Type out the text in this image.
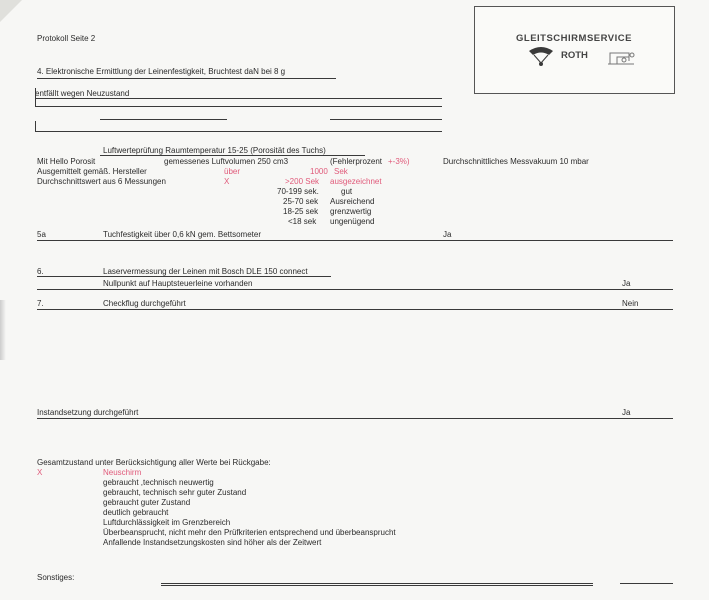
Protokoll Seite 2	GLEITSCHIRMSERVICE
ROTH
4. Elektronische Ermittlung der Leinenfestigkeit, Bruchtest daN bei 8 g
entfällt wegen Neuzustand
Luftwerteprüfung Raumtemperatur 15-25 (Porosität des Tuchs)
Mit Hello Porosit	gemessenes Luftvolumen 250 cm3	(Fehlerprozent +-3%)	Durchschnittliches Messvakuum 10 mbar
Ausgemittelt gemäß. Hersteller	über	1000 Sek
Durchschnittswert aus 6 Messungen	X	>200 Sek ausgezeichnet
70-199 sek.	gut
25-70 sek Ausreichend
18-25 sek grenzwertig
<18 sek ungenügend
5a	Tuchfestigkeit über 0,6 kN gem. Bettsometer	Ja
6.	Laservermessung der Leinen mit Bosch DLE 150 connect
Nullpunkt auf Hauptsteuerleine vorhanden	Ja
7.	Checkflug durchgeführt	Nein
Instandsetzung durchgeführt	Ja
Gesamtzustand unter Berücksichtigung aller Werte bei Rückgabe:
X	Neuschirm
gebraucht ,technisch neuwertig
gebraucht, technisch sehr guter Zustand
gebraucht guter Zustand
deutlich gebraucht
Luftdurchlässigkeit im Grenzbereich
Überbeansprucht, nicht mehr den Prüfkriterien entsprechend und überbeansprucht
Anfallende Instandsetzungskosten sind höher als der Zeitwert
Sonstiges:
